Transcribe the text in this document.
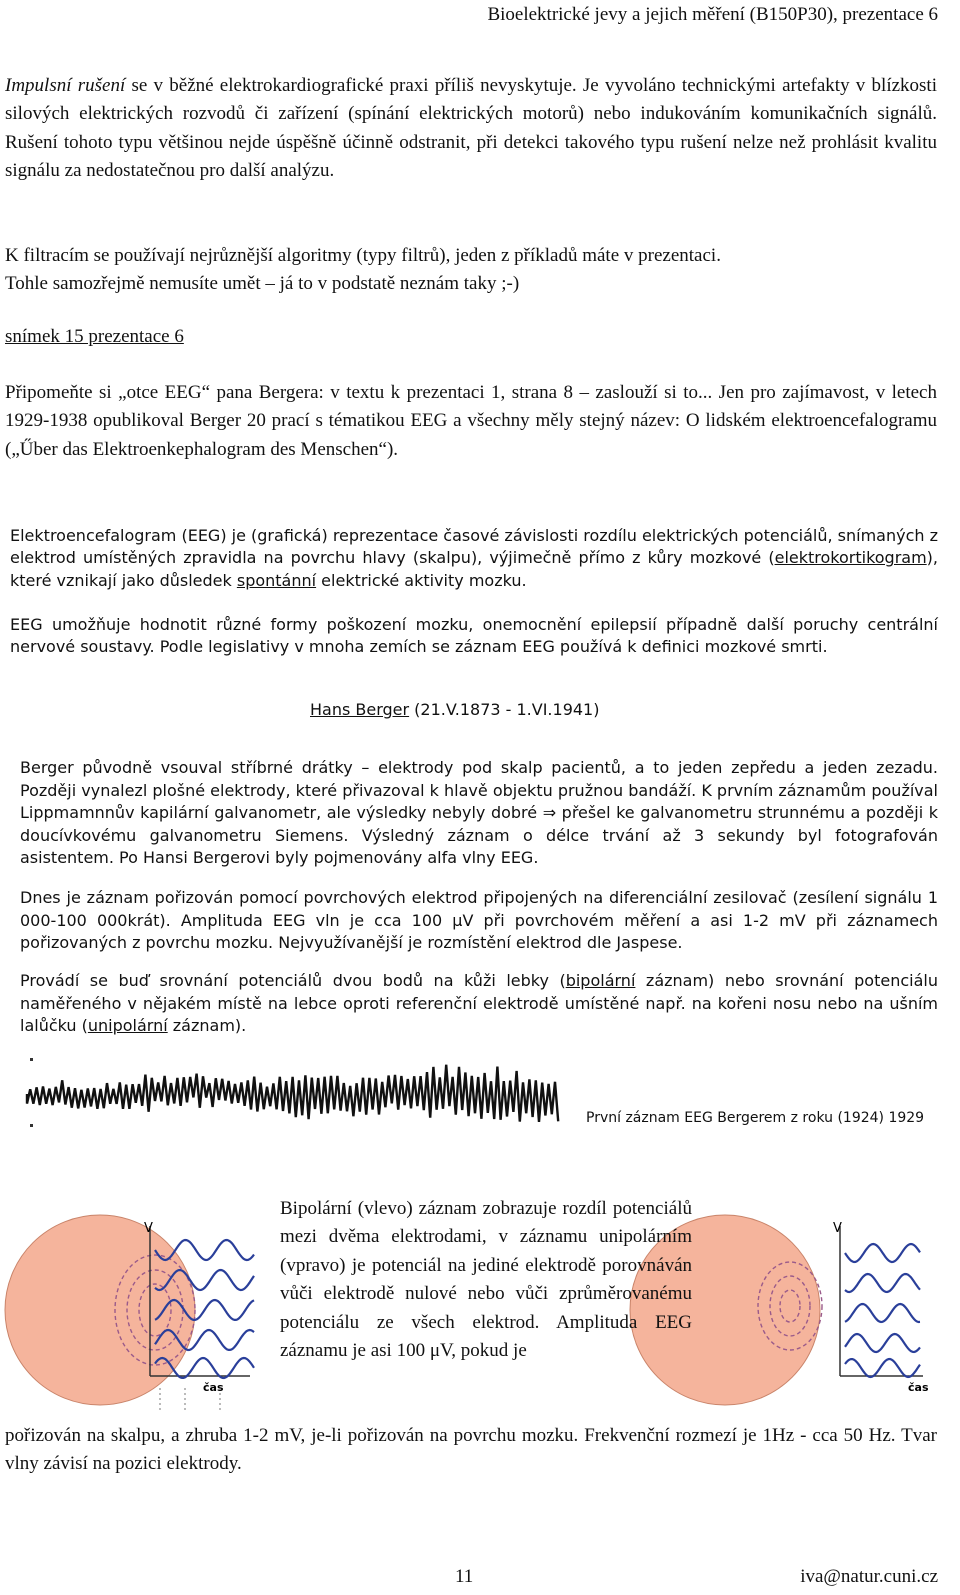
Bioelektrické jevy a jejich měření (B150P30), prezentace 6
Impulsní rušení se v běžné elektrokardiografické praxi příliš nevyskytuje. Je vyvoláno technickými artefakty v blízkosti silových elektrických rozvodů či zařízení (spínání elektrických motorů) nebo indukováním komunikačních signálů. Rušení tohoto typu většinou nejde úspěšně účinně odstranit, při detekci takového typu rušení nelze než prohlásit kvalitu signálu za nedostatečnou pro další analýzu.
K filtracím se používají nejrůznější algoritmy (typy filtrů), jeden z příkladů máte v prezentaci.
Tohle samozřejmě nemusíte umět – já to v podstatě neznám taky ;-)
snímek 15 prezentace 6
Připomeňte si „otce EEG“ pana Bergera: v textu k prezentaci 1, strana 8 – zaslouží si to... Jen pro zajímavost, v letech 1929-1938 opublikoval Berger 20 prací s tématikou EEG a všechny měly stejný název: O lidském elektroencefalogramu („Űber das Elektroenkephalogram des Menschen“).
Elektroencefalogram (EEG) je (grafická) reprezentace časové závislosti rozdílu elektrických potenciálů, snímaných z elektrod umístěných zpravidla na povrchu hlavy (skalpu), výjimečně přímo z kůry mozkové (elektrokortikogram), které vznikají jako důsledek spontánní elektrické aktivity mozku.
EEG umožňuje hodnotit různé formy poškození mozku, onemocnění epilepsií případně další poruchy centrální nervové soustavy. Podle legislativy v mnoha zemích se záznam EEG používá k definici mozkové smrti.
Hans Berger (21.V.1873 - 1.VI.1941)
Berger původně vsouval stříbrné drátky – elektrody pod skalp pacientů, a to jeden zepředu a jeden zezadu. Později vynalezl plošné elektrody, které přivazoval k hlavě objektu pružnou bandáží. K prvním záznamům používal Lippmamnnův kapilární galvanometr, ale výsledky nebyly dobré ⇒ přešel ke galvanometru strunnému a později k doucívkovému galvanometru Siemens. Výsledný záznam o délce trvání až 3 sekundy byl fotografován asistentem. Po Hansi Bergerovi byly pojmenovány alfa vlny EEG.
Dnes je záznam pořizován pomocí povrchových elektrod připojených na diferenciální zesilovač (zesílení signálu 1 000-100 000krát). Amplituda EEG vln je cca 100 μV při povrchovém měření a asi 1-2 mV při záznamech pořizovaných z povrchu mozku. Nejvyužívanější je rozmístění elektrod dle Jaspese.
Provádí se buď srovnání potenciálů dvou bodů na kůži lebky (bipolární záznam) nebo srovnání potenciálu naměřeného v nějakém místě na lebce oproti referenční elektrodě umístěné např. na kořeni nosu nebo na ušním lalůčku (unipolární záznam).
První záznam EEG Bergerem z roku (1924) 1929
V
čas
V
čas
Bipolární (vlevo) záznam zobrazuje rozdíl potenciálů mezi dvěma elektrodami, v záznamu unipolárním (vpravo) je potenciál na jediné elektrodě porovnáván vůči elektrodě nulové nebo vůči zprůměrovanému potenciálu ze všech elektrod. Amplituda EEG záznamu je asi 100 μV, pokud je
pořizován na skalpu, a zhruba 1-2 mV, je-li pořizován na povrchu mozku. Frekvenční rozmezí je 1Hz - cca 50 Hz. Tvar vlny závisí na pozici elektrody.
11	iva@natur.cuni.cz
